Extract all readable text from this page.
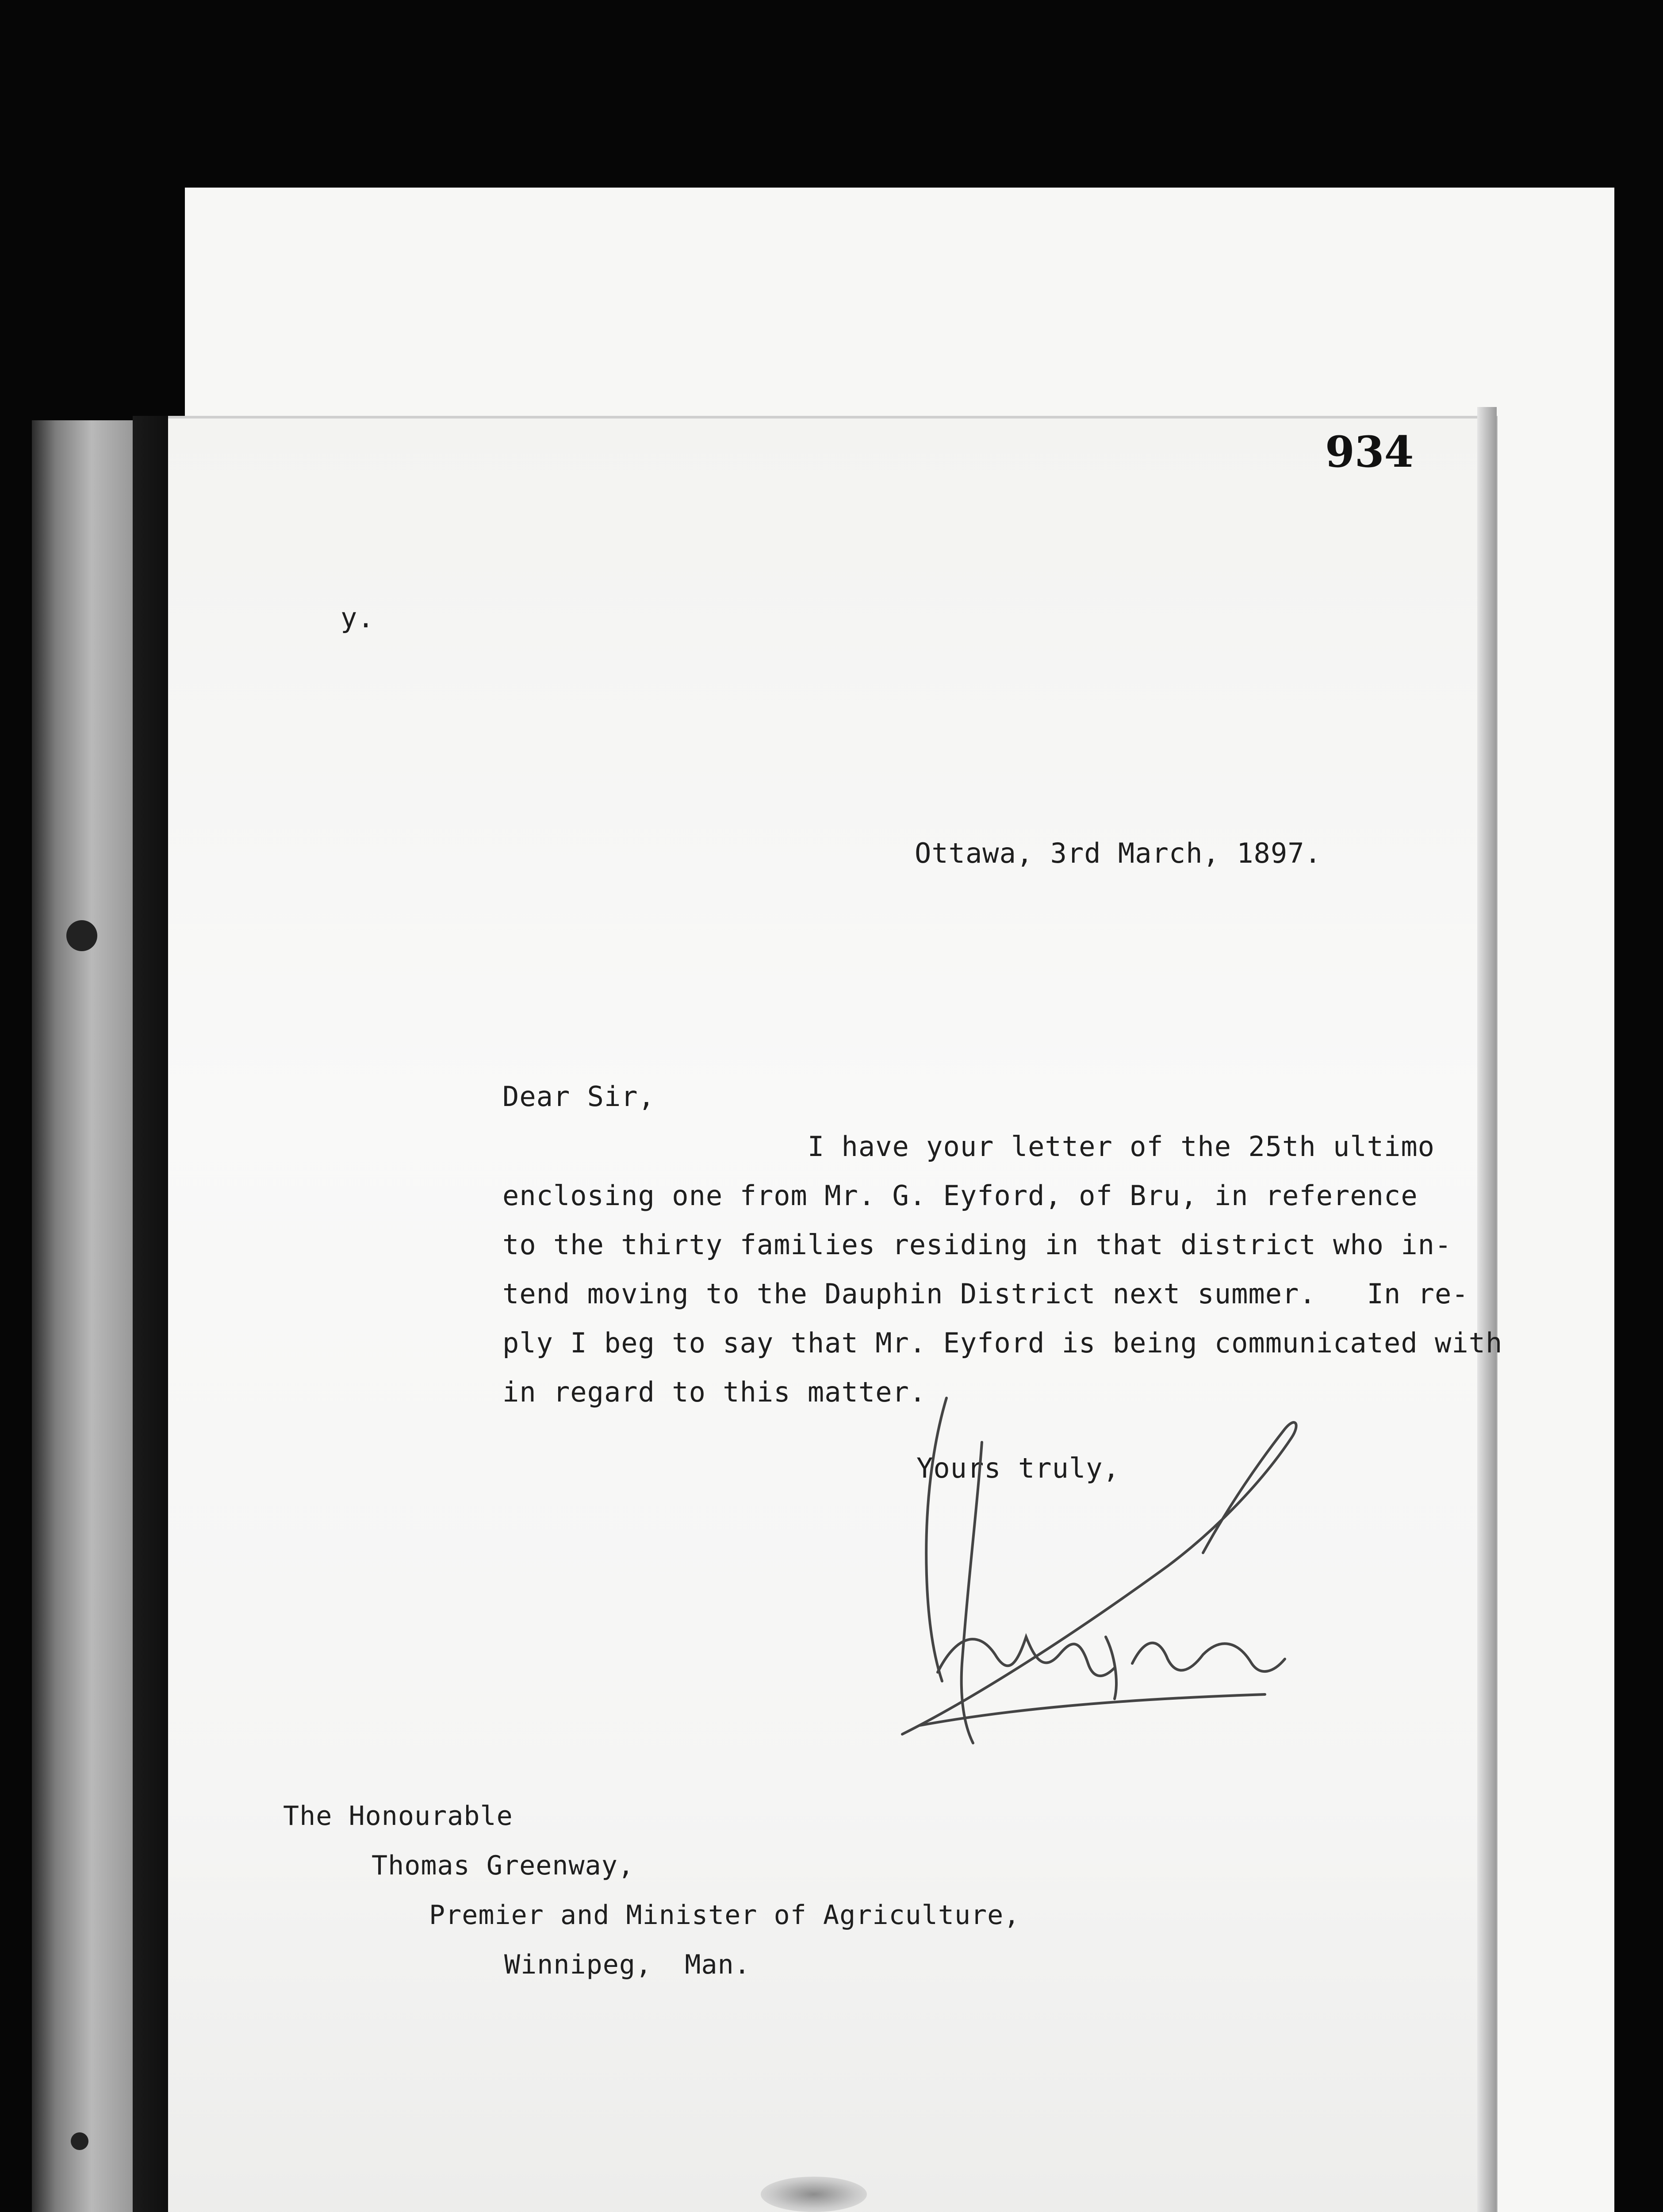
934
y.
Ottawa, 3rd March, 1897.
Dear Sir,
I have your letter of the 25th ultimo
enclosing one from Mr. G. Eyford, of Bru, in reference
to the thirty families residing in that district who in-
tend moving to the Dauphin District next summer.   In re-
ply I beg to say that Mr. Eyford is being communicated with
in regard to this matter.
Yours truly,
The Honourable
Thomas Greenway,
Premier and Minister of Agriculture,
Winnipeg,  Man.
